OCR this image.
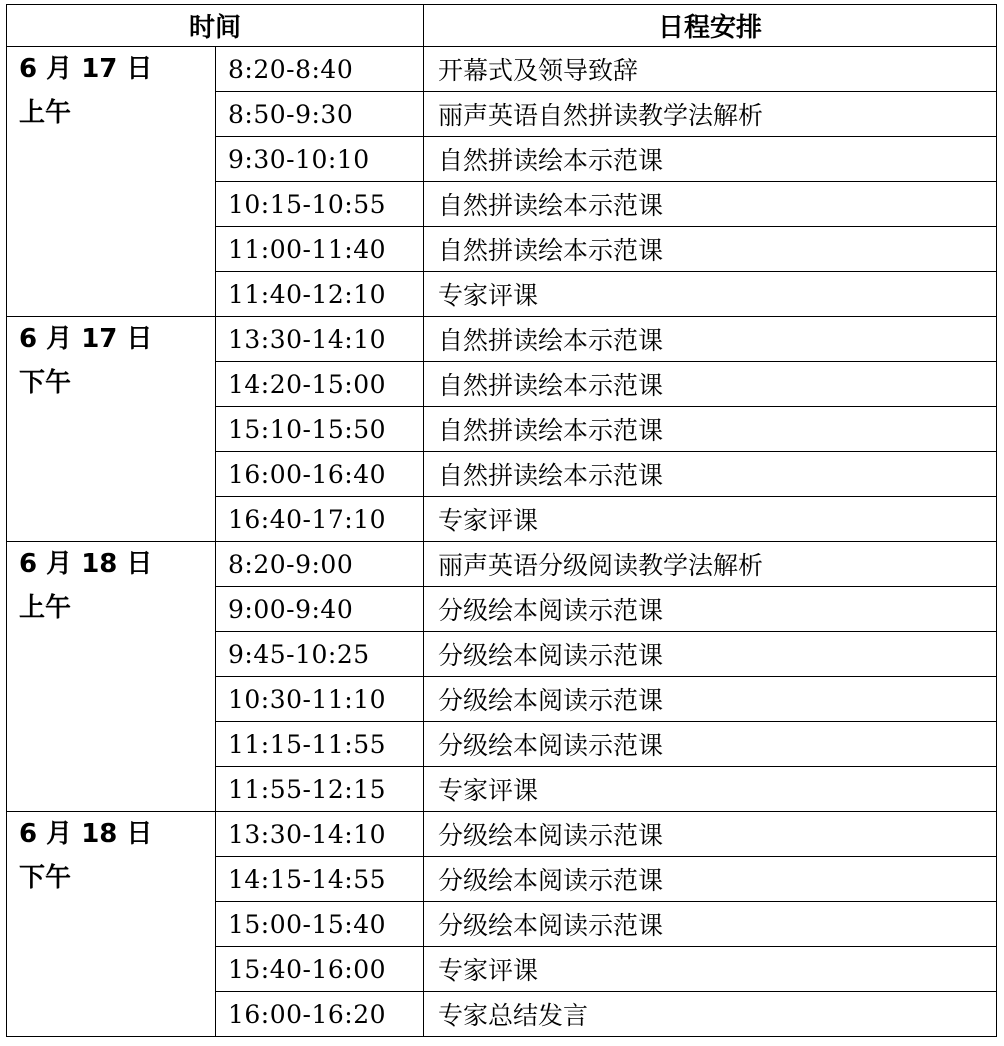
时间		日程安排

6 月 17 日
上午	8:20-8:40	开幕式及领导致辞
	8:50-9:30	丽声英语自然拼读教学法解析
	9:30-10:10	自然拼读绘本示范课
	10:15-10:55	自然拼读绘本示范课
	11:00-11:40	自然拼读绘本示范课
	11:40-12:10	专家评课

6 月 17 日
下午	13:30-14:10	自然拼读绘本示范课
	14:20-15:00	自然拼读绘本示范课
	15:10-15:50	自然拼读绘本示范课
	16:00-16:40	自然拼读绘本示范课
	16:40-17:10	专家评课

6 月 18 日
上午	8:20-9:00	丽声英语分级阅读教学法解析
	9:00-9:40	分级绘本阅读示范课
	9:45-10:25	分级绘本阅读示范课
	10:30-11:10	分级绘本阅读示范课
	11:15-11:55	分级绘本阅读示范课
	11:55-12:15	专家评课

6 月 18 日
下午	13:30-14:10	分级绘本阅读示范课
	14:15-14:55	分级绘本阅读示范课
	15:00-15:40	分级绘本阅读示范课
	15:40-16:00	专家评课
	16:00-16:20	专家总结发言
